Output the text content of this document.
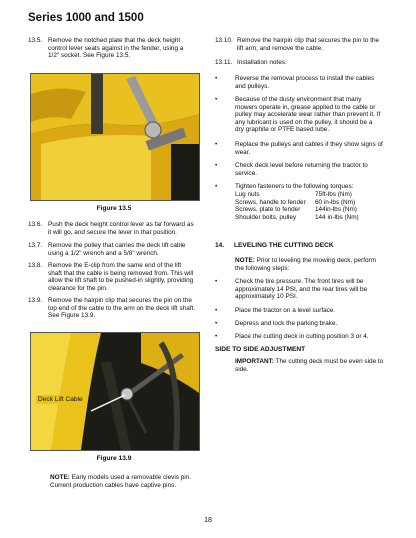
Series 1000 and 1500
13.5. Remove the notched plate that the deck height control lever seats against in the fender, using a 1/2" socket. See Figure 13.5.
Figure 13.5
13.6. Push the deck height control lever as far forward as it will go, and secure the lever in that position.
13.7. Remove the pulley that carries the deck lift cable using a 1/2" wrench and a 5/8" wrench.
13.8. Remove the E-clip from the same end of the lift shaft that the cable is being removed from. This will allow the lift shaft to be pushed-in slightly, providing clearance for the pin.
13.9. Remove the hairpin clip that secures the pin on the top end of the cable to the arm on the deck lift shaft. See Figure 13.9.
Deck Lift Cable
Figure 13.9
NOTE: Early models used a removable clevis pin. Current production cables have captive pins.
13.10. Remove the hairpin clip that secures the pin to the lift arm, and remove the cable.
13.11. Installation notes:
•	Reverse the removal process to install the cables and pulleys.
•	Because of the dusty environment that many mowers operate in, grease applied to the cable or pulley may accelerate wear rather than prevent it. If any lubricant is used on the pulley, it should be a dry graphite or PTFE based lube.
•	Replace the pulleys and cables if they show signs of wear.
•	Check deck level before returning the tractor to service.
•	Tighten fasteners to the following torques:
Lug nuts	75ft-lbs (Nm)
Screws, handle to fender	60 in-lbs (Nm)
Screws, plate to fender	144in-lbs (Nm)
Shoulder bolts, pulley	144 in-lbs (Nm)
14. LEVELING THE CUTTING DECK
NOTE: Prior to leveling the mowing deck, perform the following steps:
•	Check the tire pressure. The front tires will be approximately 14 PSI, and the rear tires will be approximately 10 PSI.
•	Place the tractor on a level surface.
•	Depress and lock the parking brake.
•	Place the cutting deck in cutting position 3 or 4.
SIDE TO SIDE ADJUSTMENT
IMPORTANT: The cutting deck must be even side to side.
18
